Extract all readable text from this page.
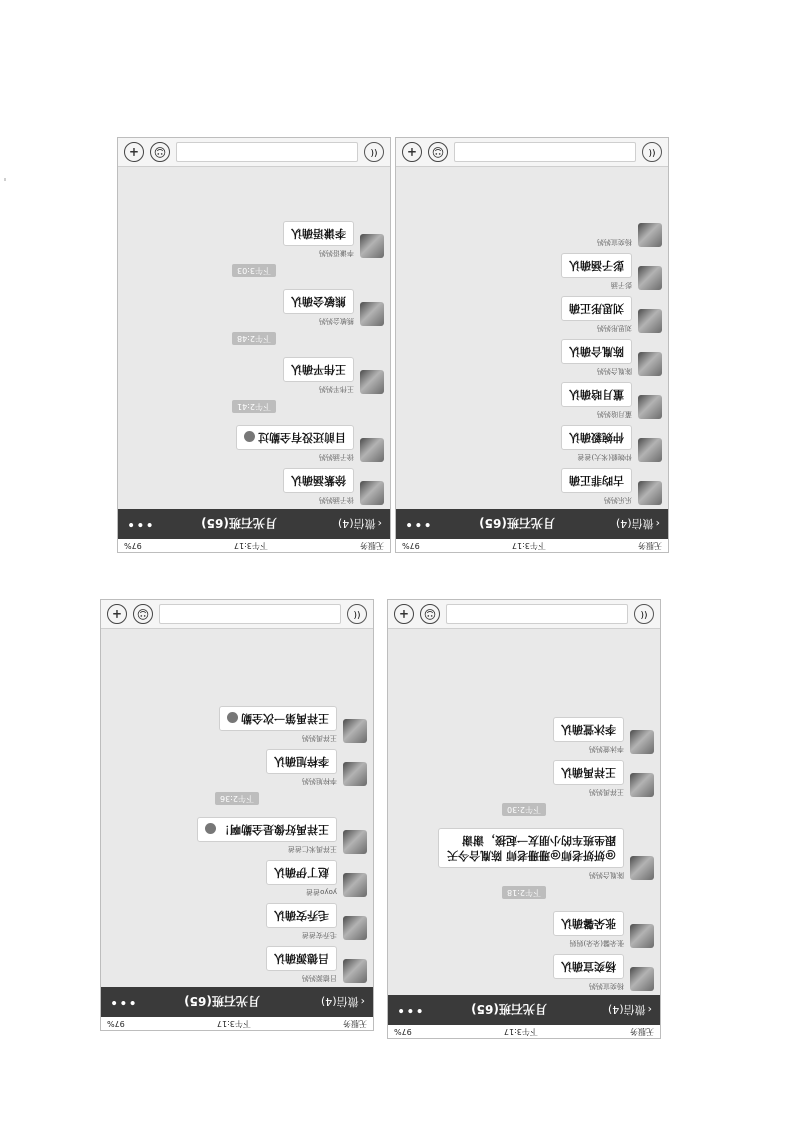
无服务
下午3:17
97%
‹
微信(4)
月光石班(65)
•••
乐乐妈妈
古昀菲正确
仲婉毅(米大)爸爸
仲婉毅确认
董月晗妈妈
董月晗确认
陈胤合妈妈
陈胤合确认
刘思彤妈妈
刘思彤正确
彭子涵
彭子涵确认
杨奕宣妈妈
((
☺
+
无服务
下午3:17
97%
‹
微信(4)
月光石班(65)
•••
徐子涵妈妈
徐紫涵确认
徐子涵妈妈
目前还没有全勤过
下午2:41
王伟平妈妈
王伟平确认
下午2:48
熊敏会妈妈
熊敏会确认
下午3:03
李谦语妈妈
李谦语确认
((
☺
+
无服务
下午3:17
97%
‹
微信(4)
月光石班(65)
•••
杨奕宣妈妈
杨奕宣确认
张朵馨(朵朵)妈妈
张朵馨确认
下午2:18
陈胤合妈妈
@妍妍老师@珊珊老师 陈胤合今天跟坐班车的小朋友一起接，谢谢
下午2:30
王祥禹妈妈
王祥禹确认
李沐萱妈妈
李沐萱确认
((
☺
+
无服务
下午3:17
97%
‹
微信(4)
月光石班(65)
•••
吕德源妈妈
吕德源确认
毛乔安爸爸
毛乔安确认
yoyo爸爸
赵丁伊确认
王祥禹米仁爸爸
王祥禹好像是全勤啊！
下午2:36
李梓旭妈妈
李梓旭确认
王祥禹妈妈
王祥禹第一次全勤
((
☺
+
